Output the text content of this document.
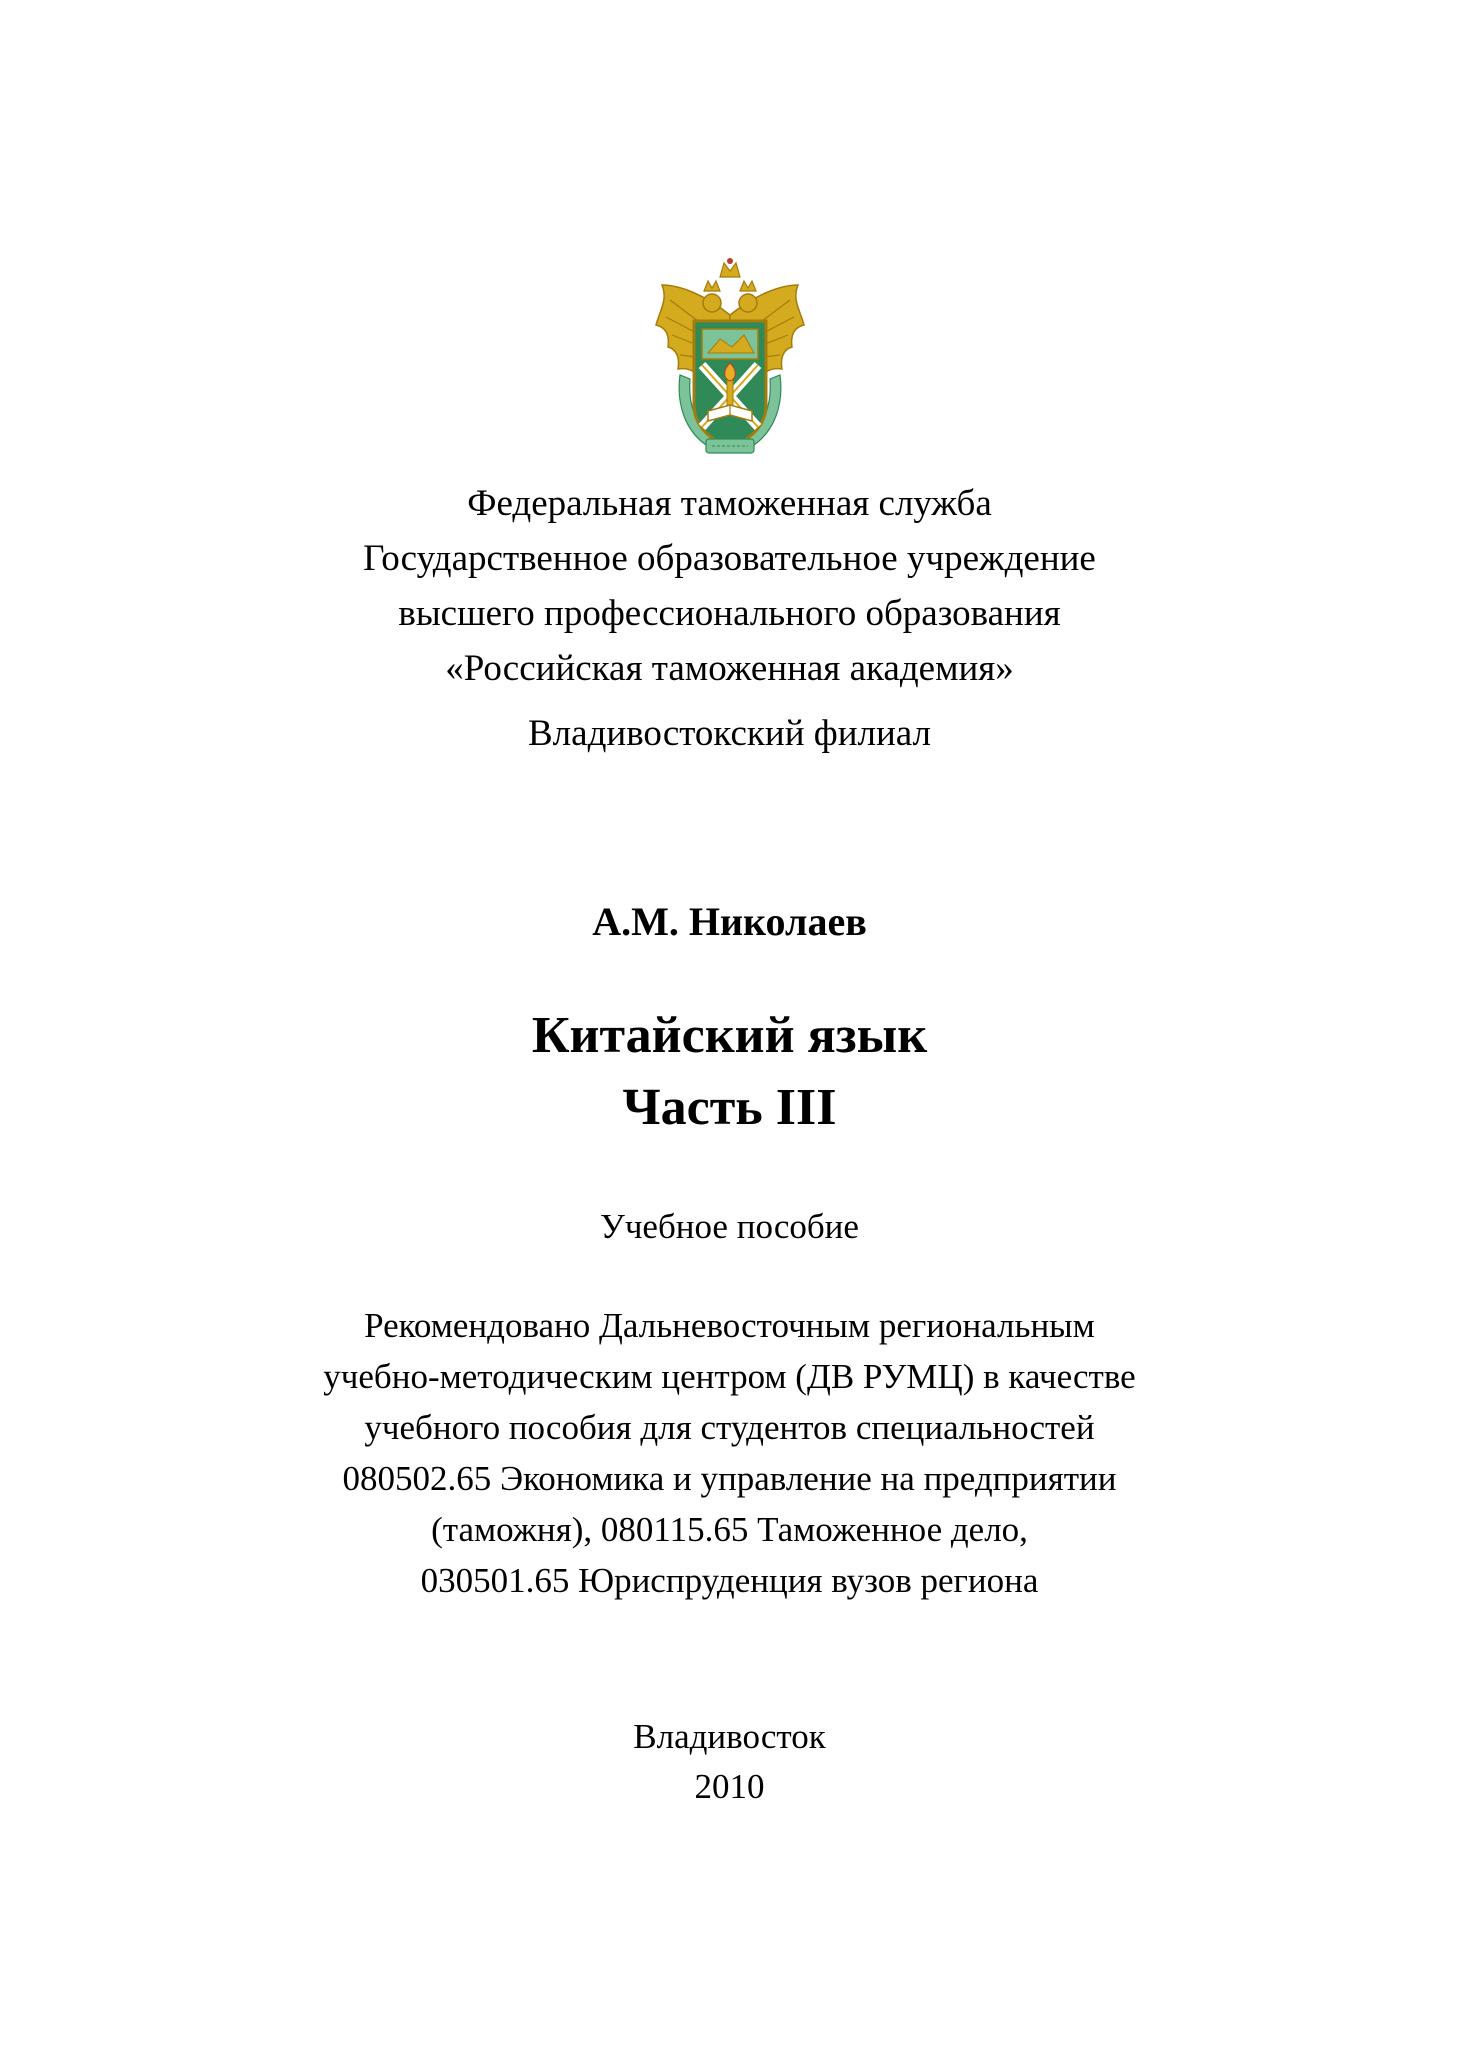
Федеральная таможенная служба
Государственное образовательное учреждение
высшего профессионального образования
«Российская таможенная академия»
Владивостокский филиал
А.М. Николаев
Китайский язык
Часть III
Учебное пособие
Рекомендовано Дальневосточным региональным
учебно-методическим центром (ДВ РУМЦ) в качестве
учебного пособия для студентов специальностей
080502.65 Экономика и управление на предприятии
(таможня), 080115.65 Таможенное дело,
030501.65 Юриспруденция вузов региона
Владивосток
2010
